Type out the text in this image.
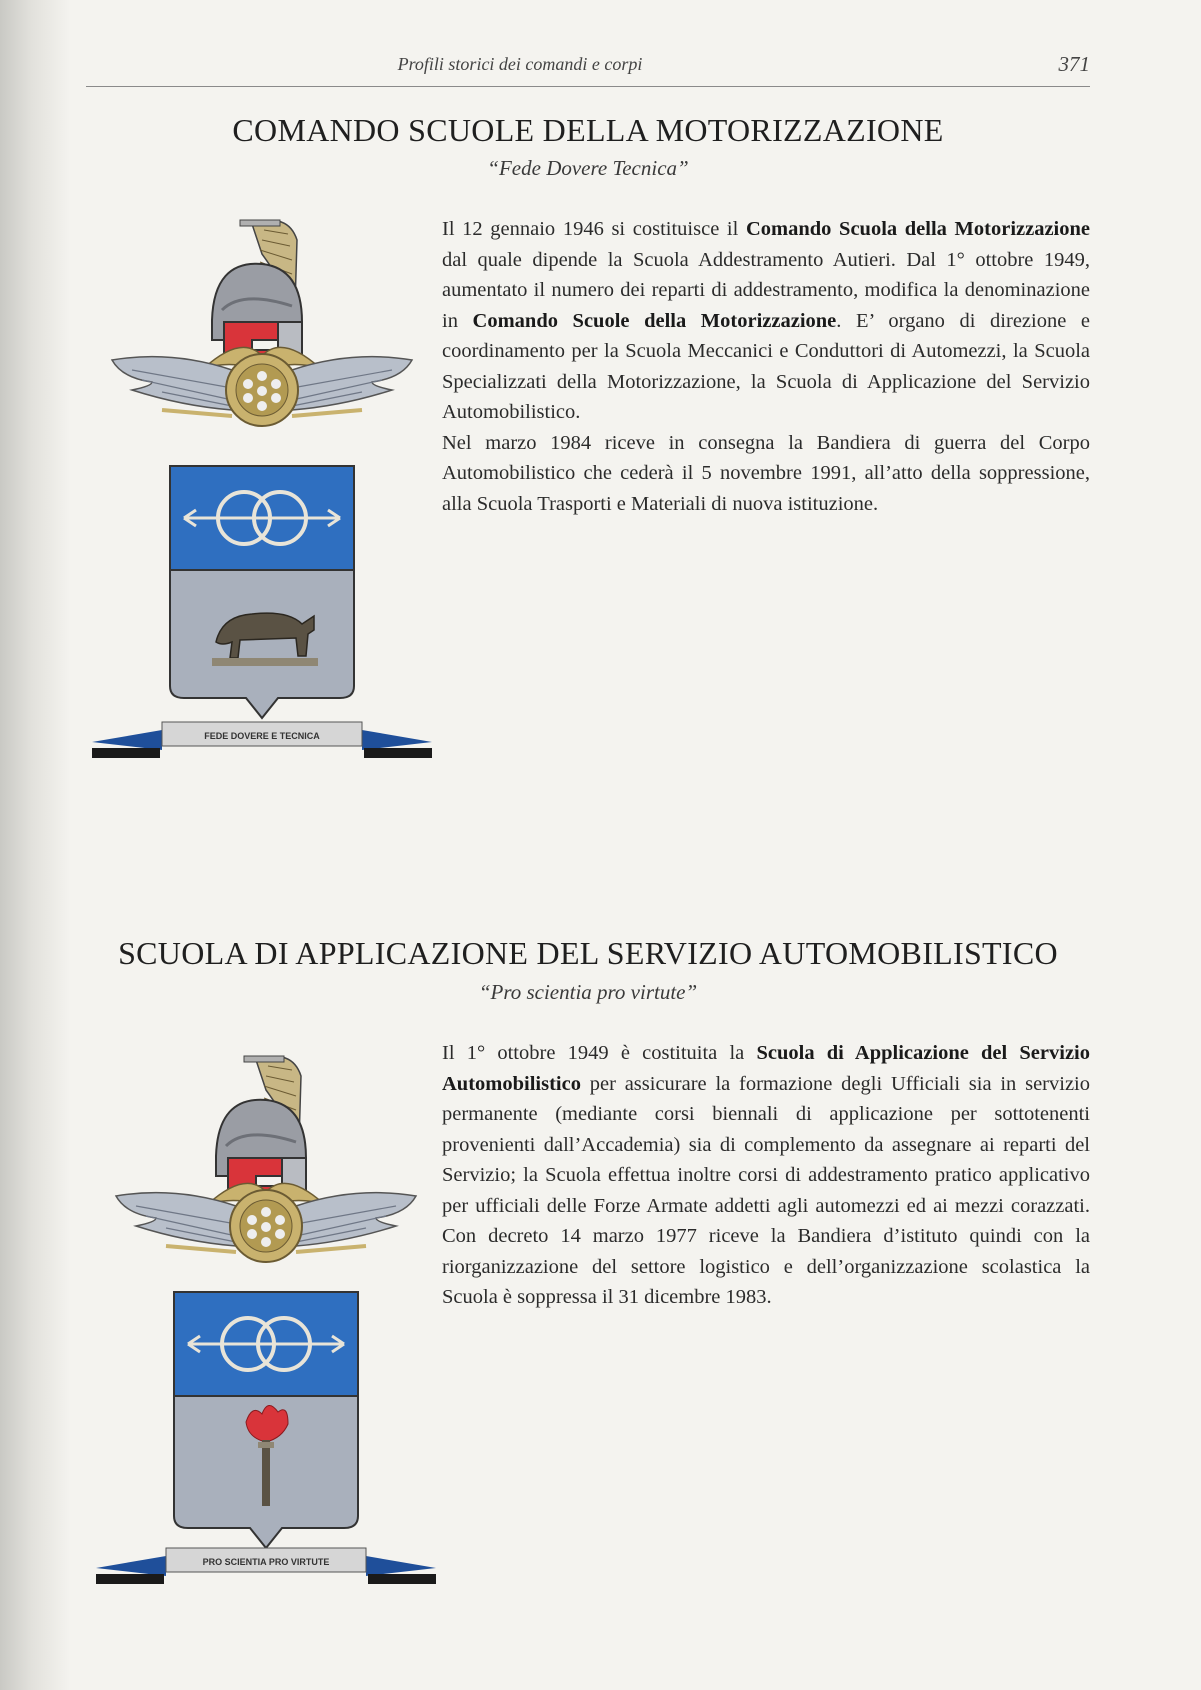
Profili storici dei comandi e corpi	371
COMANDO SCUOLE DELLA MOTORIZZAZIONE
“Fede Dovere Tecnica”
FEDE DOVERE E TECNICA
Il 12 gennaio 1946 si costituisce il Comando Scuola della Motorizzazione dal quale dipende la Scuola Addestramento Autieri. Dal 1° ottobre 1949, aumentato il numero dei reparti di addestramento, modifica la denominazione in Comando Scuole della Motorizzazione. E’ organo di direzione e coordinamento per la Scuola Meccanici e Conduttori di Automezzi, la Scuola Specializzati della Motorizzazione, la Scuola di Applicazione del Servizio Automobilistico.
Nel marzo 1984 riceve in consegna la Bandiera di guerra del Corpo Automobilistico che cederà il 5 novembre 1991, all’atto della soppressione, alla Scuola Trasporti e Materiali di nuova istituzione.
SCUOLA DI APPLICAZIONE DEL SERVIZIO AUTOMOBILISTICO
“Pro scientia pro virtute”
PRO SCIENTIA PRO VIRTUTE
Il 1° ottobre 1949 è costituita la Scuola di Applicazione del Servizio Automobilistico per assicurare la formazione degli Ufficiali sia in servizio permanente (mediante corsi biennali di applicazione per sottotenenti provenienti dall’Accademia) sia di complemento da assegnare ai reparti del Servizio; la Scuola effettua inoltre corsi di addestramento pratico applicativo per ufficiali delle Forze Armate addetti agli automezzi ed ai mezzi corazzati. Con decreto 14 marzo 1977 riceve la Bandiera d’istituto quindi con la riorganizzazione del settore logistico e dell’organizzazione scolastica la Scuola è soppressa il 31 dicembre 1983.
